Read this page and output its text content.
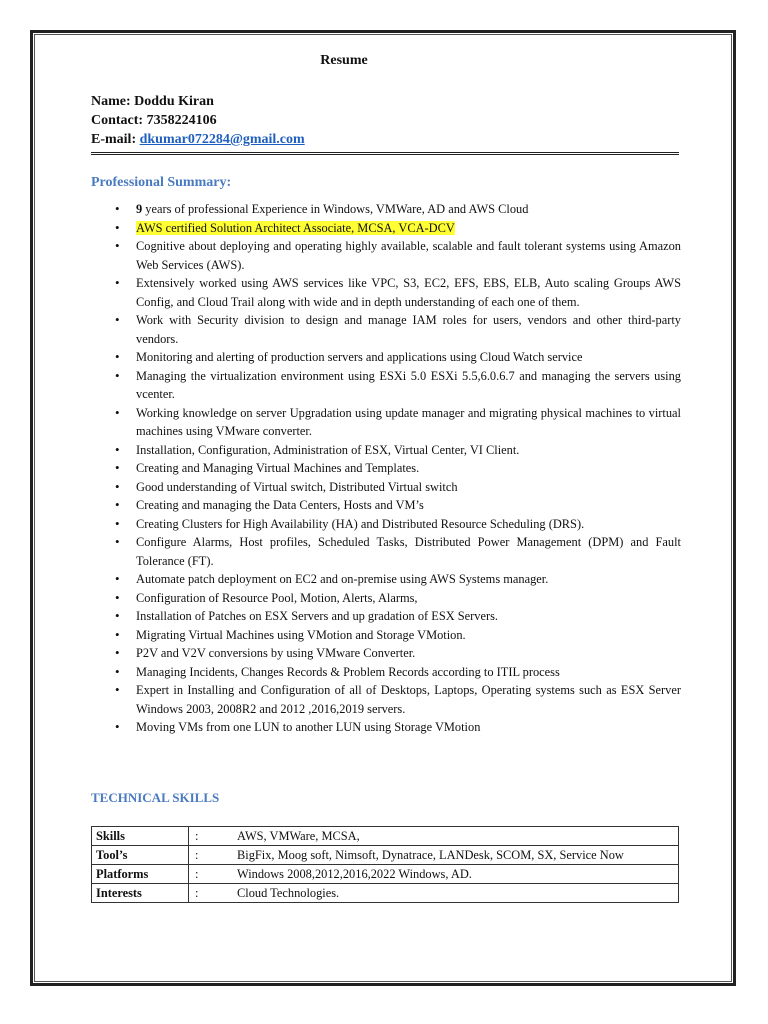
Resume
Name: Doddu Kiran
Contact: 7358224106
E-mail: dkumar072284@gmail.com
Professional Summary:
• 9 years of professional Experience in Windows, VMWare, AD and AWS Cloud
• AWS certified Solution Architect Associate, MCSA, VCA-DCV
• Cognitive about deploying and operating highly available, scalable and fault tolerant systems using Amazon Web Services (AWS).
• Extensively worked using AWS services like VPC, S3, EC2, EFS, EBS, ELB, Auto scaling Groups AWS Config, and Cloud Trail along with wide and in depth understanding of each one of them.
• Work with Security division to design and manage IAM roles for users, vendors and other third-party vendors.
• Monitoring and alerting of production servers and applications using Cloud Watch service
• Managing the virtualization environment using ESXi 5.0 ESXi 5.5,6.0.6.7 and managing the servers using vcenter.
• Working knowledge on server Upgradation using update manager and migrating physical machines to virtual machines using VMware converter.
• Installation, Configuration, Administration of ESX, Virtual Center, VI Client.
• Creating and Managing Virtual Machines and Templates.
• Good understanding of Virtual switch, Distributed Virtual switch
• Creating and managing the Data Centers, Hosts and VM’s
• Creating Clusters for High Availability (HA) and Distributed Resource Scheduling (DRS).
• Configure Alarms, Host profiles, Scheduled Tasks, Distributed Power Management (DPM) and Fault Tolerance (FT).
• Automate patch deployment on EC2 and on-premise using AWS Systems manager.
• Configuration of Resource Pool, Motion, Alerts, Alarms,
• Installation of Patches on ESX Servers and up gradation of ESX Servers.
• Migrating Virtual Machines using VMotion and Storage VMotion.
• P2V and V2V conversions by using VMware Converter.
• Managing Incidents, Changes Records & Problem Records according to ITIL process
• Expert in Installing and Configuration of all of Desktops, Laptops, Operating systems such as ESX Server Windows 2003, 2008R2 and 2012 ,2016,2019 servers.
• Moving VMs from one LUN to another LUN using Storage VMotion
TECHNICAL SKILLS
Skills	:	AWS, VMWare, MCSA,
Tool’s	:	BigFix, Moog soft, Nimsoft, Dynatrace, LANDesk, SCOM, SX, Service Now
Platforms	:	Windows 2008,2012,2016,2022 Windows, AD.
Interests	:	Cloud Technologies.
